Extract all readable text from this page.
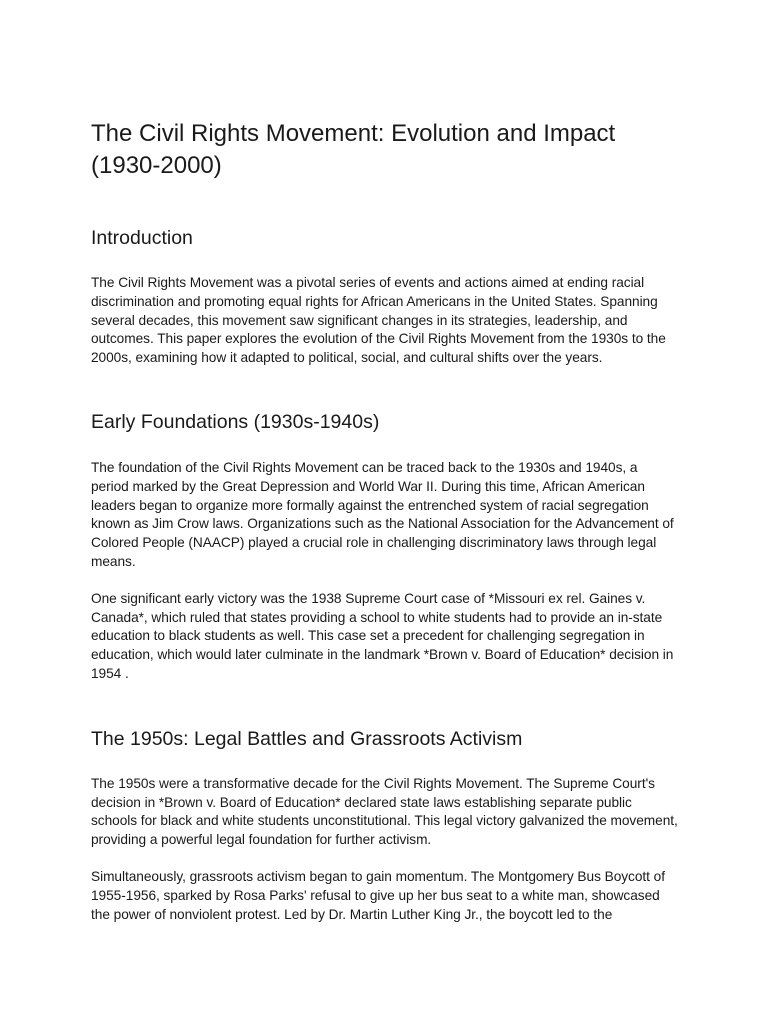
The Civil Rights Movement: Evolution and Impact (1930-2000)
Introduction

The Civil Rights Movement was a pivotal series of events and actions aimed at ending racial discrimination and promoting equal rights for African Americans in the United States. Spanning several decades, this movement saw significant changes in its strategies, leadership, and outcomes. This paper explores the evolution of the Civil Rights Movement from the 1930s to the 2000s, examining how it adapted to political, social, and cultural shifts over the years.

Early Foundations (1930s-1940s)

The foundation of the Civil Rights Movement can be traced back to the 1930s and 1940s, a period marked by the Great Depression and World War II. During this time, African American leaders began to organize more formally against the entrenched system of racial segregation known as Jim Crow laws. Organizations such as the National Association for the Advancement of Colored People (NAACP) played a crucial role in challenging discriminatory laws through legal means.

One significant early victory was the 1938 Supreme Court case of *Missouri ex rel. Gaines v. Canada*, which ruled that states providing a school to white students had to provide an in-state education to black students as well. This case set a precedent for challenging segregation in education, which would later culminate in the landmark *Brown v. Board of Education* decision in 1954 .

The 1950s: Legal Battles and Grassroots Activism

The 1950s were a transformative decade for the Civil Rights Movement. The Supreme Court's decision in *Brown v. Board of Education* declared state laws establishing separate public schools for black and white students unconstitutional. This legal victory galvanized the movement, providing a powerful legal foundation for further activism.

Simultaneously, grassroots activism began to gain momentum. The Montgomery Bus Boycott of 1955-1956, sparked by Rosa Parks' refusal to give up her bus seat to a white man, showcased the power of nonviolent protest. Led by Dr. Martin Luther King Jr., the boycott led to the
